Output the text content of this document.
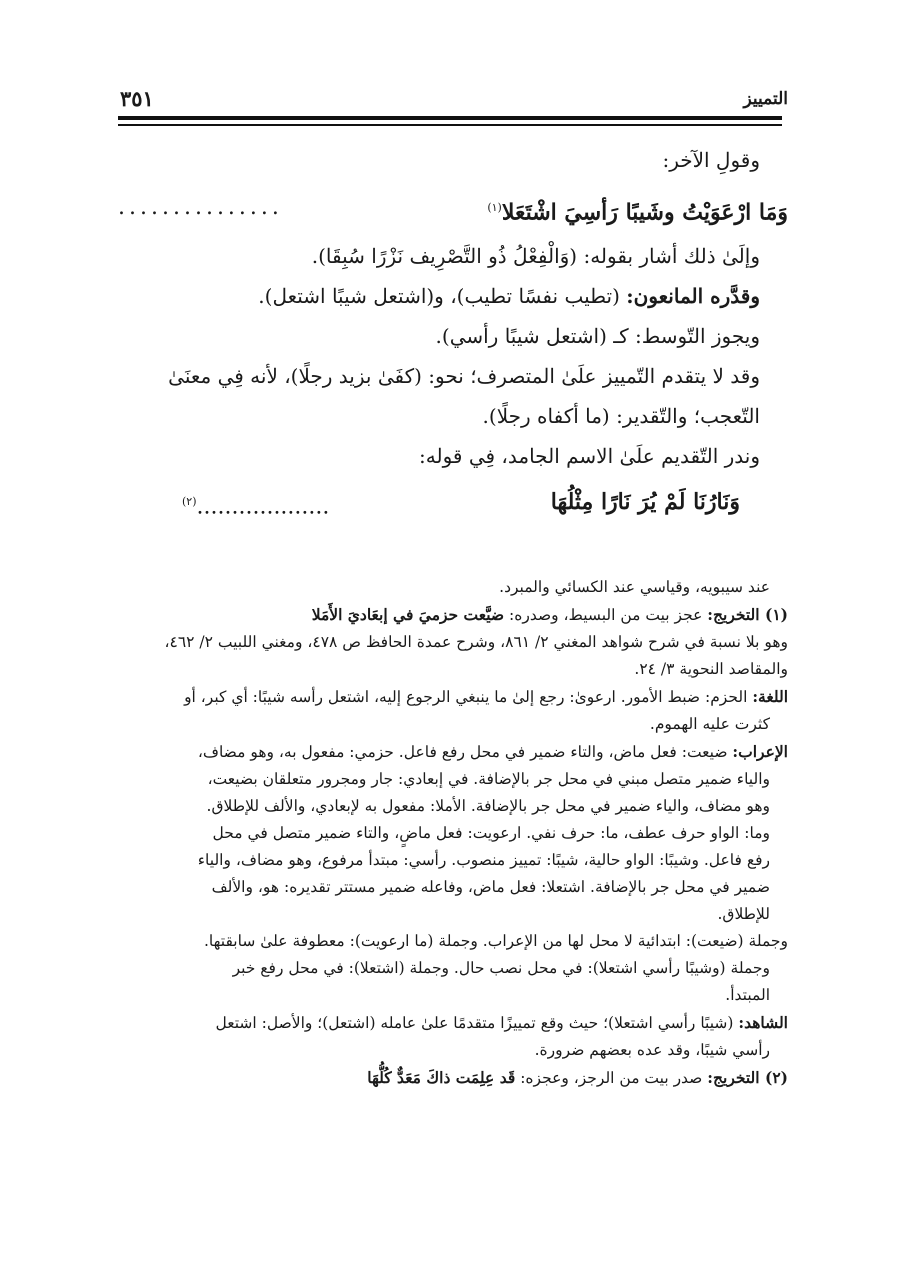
التمييز
٣٥١

وقولِ الآخر:

وَمَا ارْعَوَيْتُ وشَيبًا رَأسِيَ اشْتَعَلا$^{(١)}$
...............

وإلَىٰ ذلك أشار بقوله: (وَالْفِعْلُ ذُو التَّصْرِيف نَزْرًا سُبِقَا).

وقدَّره المانعون: (تطيب نفسًا تطيب)، و(اشتعل شيبًا اشتعل).

ويجوز التّوسط: كـ (اشتعل شيبًا رأسي).

وقد لا يتقدم التّمييز علَىٰ المتصرف؛ نحو: (كفَىٰ بزيد رجلًا)، لأنه فِي معنَىٰ التّعجب؛ والتّقدير: (ما أكفاه رجلًا).

وندر التّقديم علَىٰ الاسم الجامد، فِي قوله:

وَنَارُنَا لَمْ يُرَ نَارًا مِثْلُهَا
...................$^{(٢)}$

عند سيبويه، وقياسي عند الكسائي والمبرد.

(١) التخريج: عجز بيت من البسيط، وصدره: ضيَّعت حزميَ في إبعَاديَ الأَمَلا

وهو بلا نسبة في شرح شواهد المغني ٢/ ٨٦١، وشرح عمدة الحافظ ص ٤٧٨، ومغني اللبيب ٢/ ٤٦٢، والمقاصد النحوية ٣/ ٢٤.

اللغة: الحزم: ضبط الأمور. ارعوىٰ: رجع إلىٰ ما ينبغي الرجوع إليه، اشتعل رأسه شيبًا: أي كبر، أو

كثرت عليه الهموم.

الإعراب: ضيعت: فعل ماض، والتاء ضمير في محل رفع فاعل. حزمي: مفعول به، وهو مضاف،

والياء ضمير متصل مبني في محل جر بالإضافة. في إبعادي: جار ومجرور متعلقان بضيعت،

وهو مضاف، والياء ضمير في محل جر بالإضافة. الأملا: مفعول به لإبعادي، والألف للإطلاق.

وما: الواو حرف عطف، ما: حرف نفي. ارعويت: فعل ماضٍ، والتاء ضمير متصل في محل

رفع فاعل. وشيبًا: الواو حالية، شيبًا: تمييز منصوب. رأسي: مبتدأ مرفوع، وهو مضاف، والياء

ضمير في محل جر بالإضافة. اشتعلا: فعل ماض، وفاعله ضمير مستتر تقديره: هو، والألف

للإطلاق.

وجملة (ضيعت): ابتدائية لا محل لها من الإعراب. وجملة (ما ارعويت): معطوفة علىٰ سابقتها.

وجملة (وشيبًا رأسي اشتعلا): في محل نصب حال. وجملة (اشتعلا): في محل رفع خبر

المبتدأ.

الشاهد: (شيبًا رأسي اشتعلا)؛ حيث وقع تمييزًا متقدمًا علىٰ عامله (اشتعل)؛ والأصل: اشتعل

رأسي شيبًا، وقد عده بعضهم ضرورة.

(٢) التخريج: صدر بيت من الرجز، وعجزه: قَد عِلِمَت ذاكَ مَعَدٌّ كُلُّهَا
